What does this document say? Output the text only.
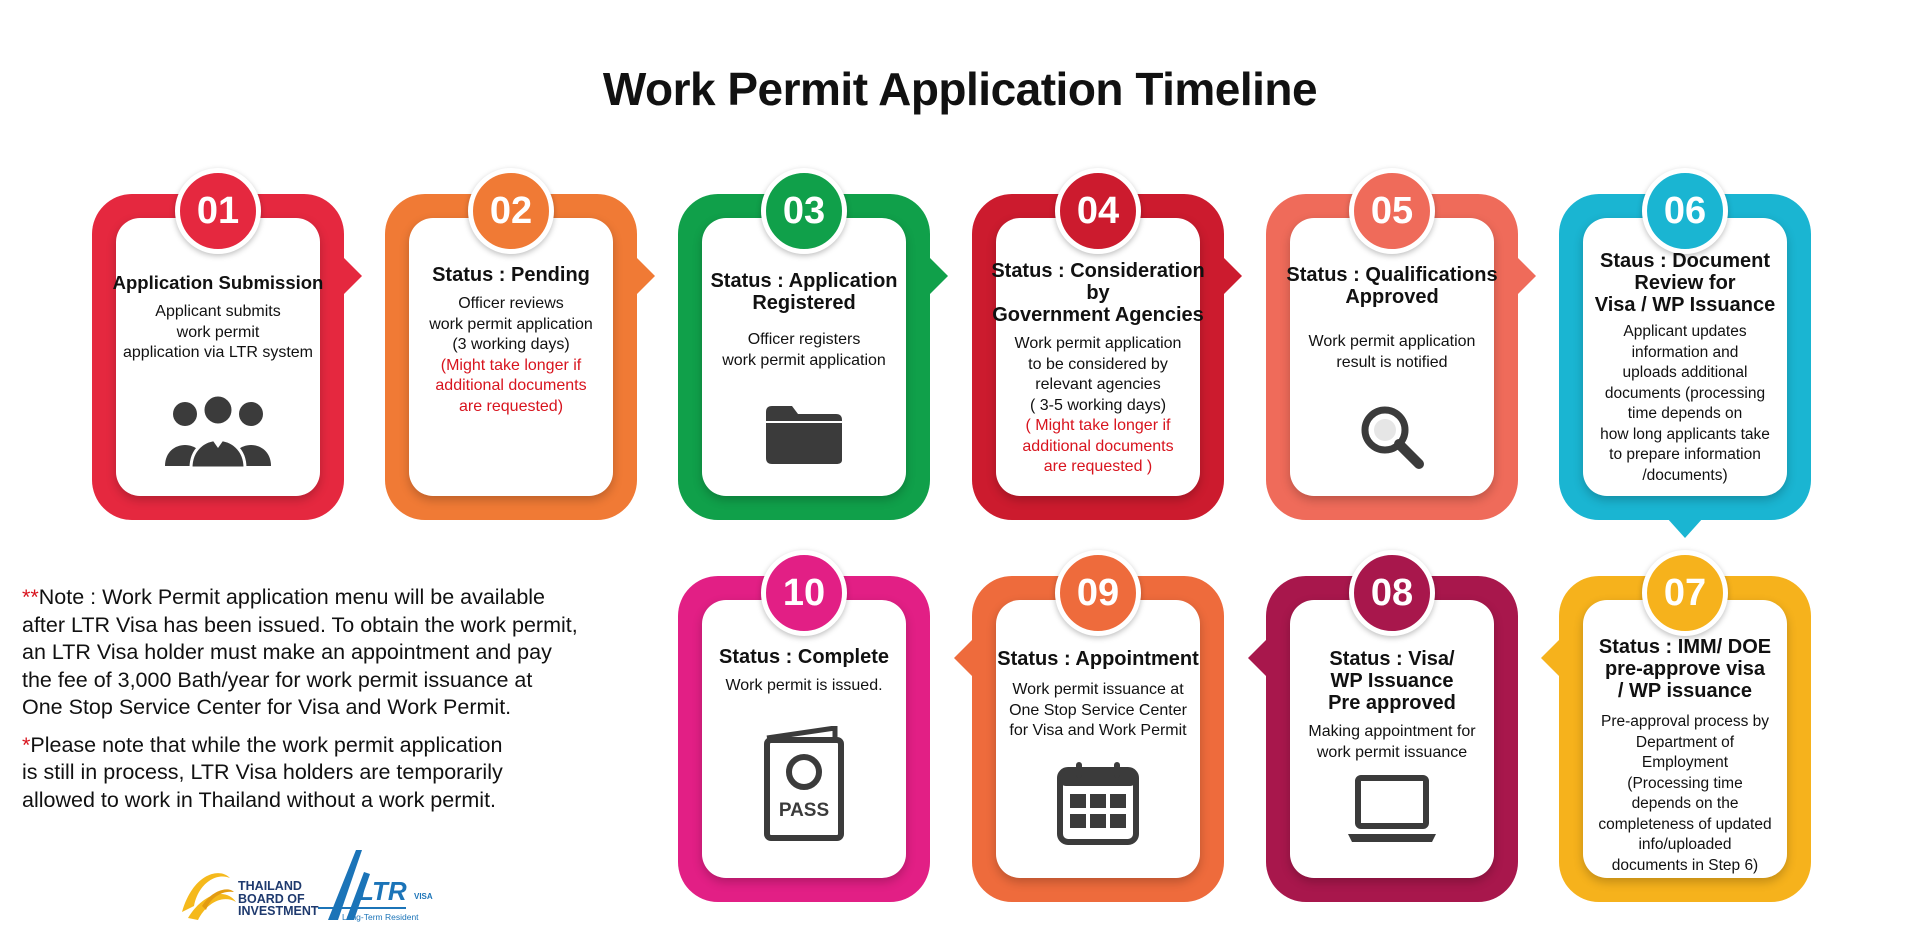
Work Permit Application Timeline
01
Application Submission
Applicant submits
work permit
application via LTR system
02
Status : Pending
Officer reviews
work permit application
(3 working days)
(Might take longer if
additional documents
are requested)
03
Status : Application
Registered
Officer registers
work permit application
04
Status : Consideration
by
Government Agencies
Work permit application
to be considered by
relevant agencies
( 3-5 working days)
( Might take longer if
additional documents
are requested )
05
Status : Qualifications
Approved
Work permit application
result is notified
06
Staus : Document
Review for
Visa / WP Issuance
Applicant updates
information and
uploads additional
documents (processing
time depends on
how long applicants take
to prepare information
/documents)
07
Status : IMM/ DOE
pre-approve visa
/ WP issuance
Pre-approval process by
Department of
Employment
(Processing time
depends on the
completeness of updated
info/uploaded
documents in Step 6)
08
Status : Visa/
WP Issuance
Pre approved
Making appointment for
work permit issuance
09
Status : Appointment
Work permit issuance at
One Stop Service Center
for Visa and Work Permit
10
Status : Complete
Work permit is issued.
PASS
**Note : Work Permit application menu will be available
after LTR Visa has been issued. To obtain the work permit,
an LTR Visa holder must make an appointment and pay
the fee of 3,000 Bath/year for work permit issuance at
One Stop Service Center for Visa and Work Permit.
*Please note that while the work permit application
is still in process, LTR Visa holders are temporarily
allowed to work in Thailand without a work permit.
THAILAND
BOARD OF
INVESTMENT
LTR VISA
Long-Term Resident
